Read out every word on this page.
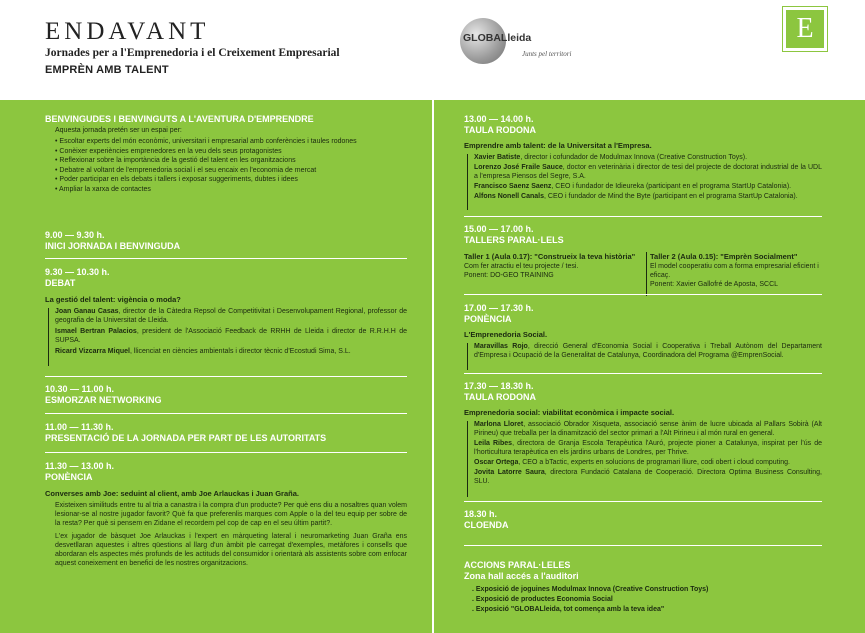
ENDAVANT
Jornades per a l'Emprenedoria i el Creixement Empresarial
EMPRÈN AMB TALENT
GLOBALleida
Junts pel territori
E
BENVINGUDES I BENVINGUTS A L'AVENTURA D'EMPRENDRE
Aquesta jornada pretén ser un espai per:
• Escoltar experts del món econòmic, universitari i empresarial amb conferències i taules rodones
• Conèixer experiències emprenedores en la veu dels seus protagonistes
• Reflexionar sobre la importància de la gestió del talent en les organitzacions
• Debatre al voltant de l'emprenedoria social i el seu encaix en l'economia de mercat
• Poder participar en els debats i tallers i exposar suggeriments, dubtes i idees
• Ampliar la xarxa de contactes
9.00 — 9.30 h.
INICI JORNADA I BENVINGUDA
9.30 — 10.30 h.
DEBAT
La gestió del talent: vigència o moda?
Joan Ganau Casas, director de la Càtedra Repsol de Competitivitat i Desenvolupament Regional, professor de geografia de la Universitat de Lleida.
Ismael Bertran Palacios, president de l'Associació Feedback de RRHH de Lleida i director de R.R.H.H de SUPSA.
Ricard Vizcarra Miquel, llicenciat en ciències ambientals i director tècnic d'Ecostudi Sima, S.L.
10.30 — 11.00 h.
ESMORZAR NETWORKING
11.00 — 11.30 h.
PRESENTACIÓ DE LA JORNADA PER PART DE LES AUTORITATS
11.30 — 13.00 h.
PONÈNCIA
Converses amb Joe: seduint al client, amb Joe Arlauckas i Juan Graña.
Existeixen similituds entre tu al tria a canastra i la compra d'un producte? Per què ens diu a nosaltres quan volem lesionar-se al nostre jugador favorit? Què fa que preferenlis marques com Apple o la del teu equip per sobre de la resta? Per què si pensem en Zidane el recordem pel cop de cap en el seu últim partit?.
L'ex jugador de bàsquet Joe Arlauckas i l'expert en màrqueting lateral i neuromarketing Juan Graña ens desvetllaran aquestes i altres qüestions al llarg d'un àmbit ple carregat d'exemples, metàfores i consells que abordaran els aspectes més profunds de les actituds del consumidor i orientarà als assistents sobre com enfocar aquest coneixement en benefici de les nostres organitzacions.
13.00 — 14.00 h.
TAULA RODONA
Emprendre amb talent: de la Universitat a l'Empresa.
Xavier Batiste, director i cofundador de Modulmax Innova (Creative Construction Toys).
Lorenzo José Fraile Sauce, doctor en veterinària i director de tesi del projecte de doctorat industrial de la UDL a l'empresa Piensos del Segre, S.A.
Francisco Saenz Saenz, CEO i fundador de Idieureka (participant en el programa StartUp Catalonia).
Alfons Nonell Canals, CEO i fundador de Mind the Byte (participant en el programa StartUp Catalonia).
15.00 — 17.00 h.
TALLERS PARAL·LELS
Taller 1 (Aula 0.17): "Construeix la teva història"
Com fer atractiu el teu projecte / tesi.
Ponent: DO-GEO TRAINING
Taller 2 (Aula 0.15): "Emprèn Socialment"
El model cooperatiu com a forma empresarial eficient i eficaç.
Ponent: Xavier Gallofré de Aposta, SCCL
17.00 — 17.30 h.
PONÈNCIA
L'Emprenedoria Social.
Maravillas Rojo, direcció General d'Economia Social i Cooperativa i Treball Autònom del Departament d'Empresa i Ocupació de la Generalitat de Catalunya, Coordinadora del Programa @EmprenSocial.
17.30 — 18.30 h.
TAULA RODONA
Emprenedoria social: viabilitat econòmica i impacte social.
Marlona Lloret, associació Obrador Xisqueta, associació sense ànim de lucre ubicada al Pallars Sobirà (Alt Pirineu) que treballa per la dinamització del sector primari a l'Alt Pirineu i al món rural en general.
Leila Ribes, directora de Granja Escola Terapèutica l'Auró, projecte pioner a Catalunya, inspirat per l'ús de l'horticultura terapèutica en els jardins urbans de Londres, per Thrive.
Oscar Ortega, CEO a bTactic, experts en solucions de programari lliure, codi obert i cloud computing.
Jovita Latorre Saura, directora Fundació Catalana de Cooperació. Directora Optima Business Consulting, SLU.
18.30 h.
CLOENDA
ACCIONS PARAL·LELES
Zona hall accés a l'auditori
. Exposició de joguines Modulmax Innova (Creative Construction Toys)
. Exposició de productes Economia Social
. Exposició "GLOBALleida, tot comença amb la teva idea"
